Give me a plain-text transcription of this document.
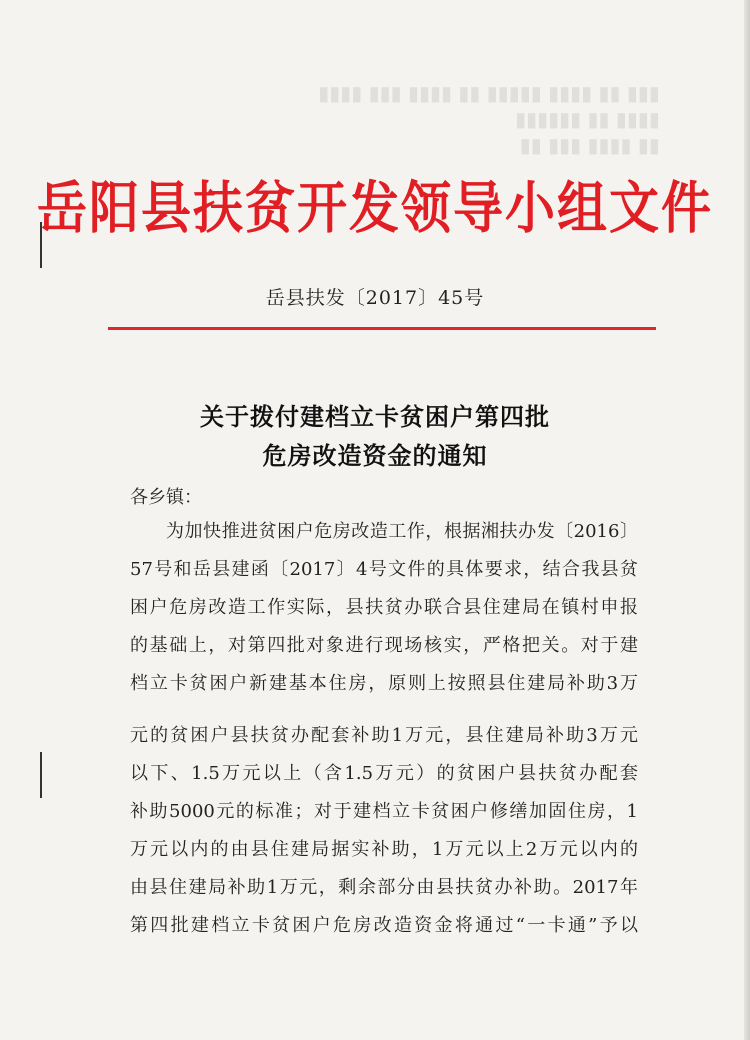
▮▮▮ ▮▮ ▮▮▮▮ ▮▮▮▮▮ ▮▮ ▮▮▮▮ ▮▮▮ ▮▮▮▮
▮▮▮▮ ▮▮ ▮▮▮▮▮▮
▮▮ ▮▮▮▮ ▮▮▮ ▮▮
岳阳县扶贫开发领导小组文件
岳县扶发〔2017〕45号
关于拨付建档立卡贫困户第四批
危房改造资金的通知
各乡镇：
为加快推进贫困户危房改造工作，根据湘扶办发〔2016〕
57号和岳县建函〔2017〕4号文件的具体要求，结合我县贫
困户危房改造工作实际，县扶贫办联合县住建局在镇村申报
的基础上，对第四批对象进行现场核实，严格把关。对于建
档立卡贫困户新建基本住房，原则上按照县住建局补助3万
元的贫困户县扶贫办配套补助1万元，县住建局补助3万元
以下、1.5万元以上（含1.5万元）的贫困户县扶贫办配套
补助5000元的标准；对于建档立卡贫困户修缮加固住房，1
万元以内的由县住建局据实补助，1万元以上2万元以内的
由县住建局补助1万元，剩余部分由县扶贫办补助。2017年
第四批建档立卡贫困户危房改造资金将通过“一卡通”予以
